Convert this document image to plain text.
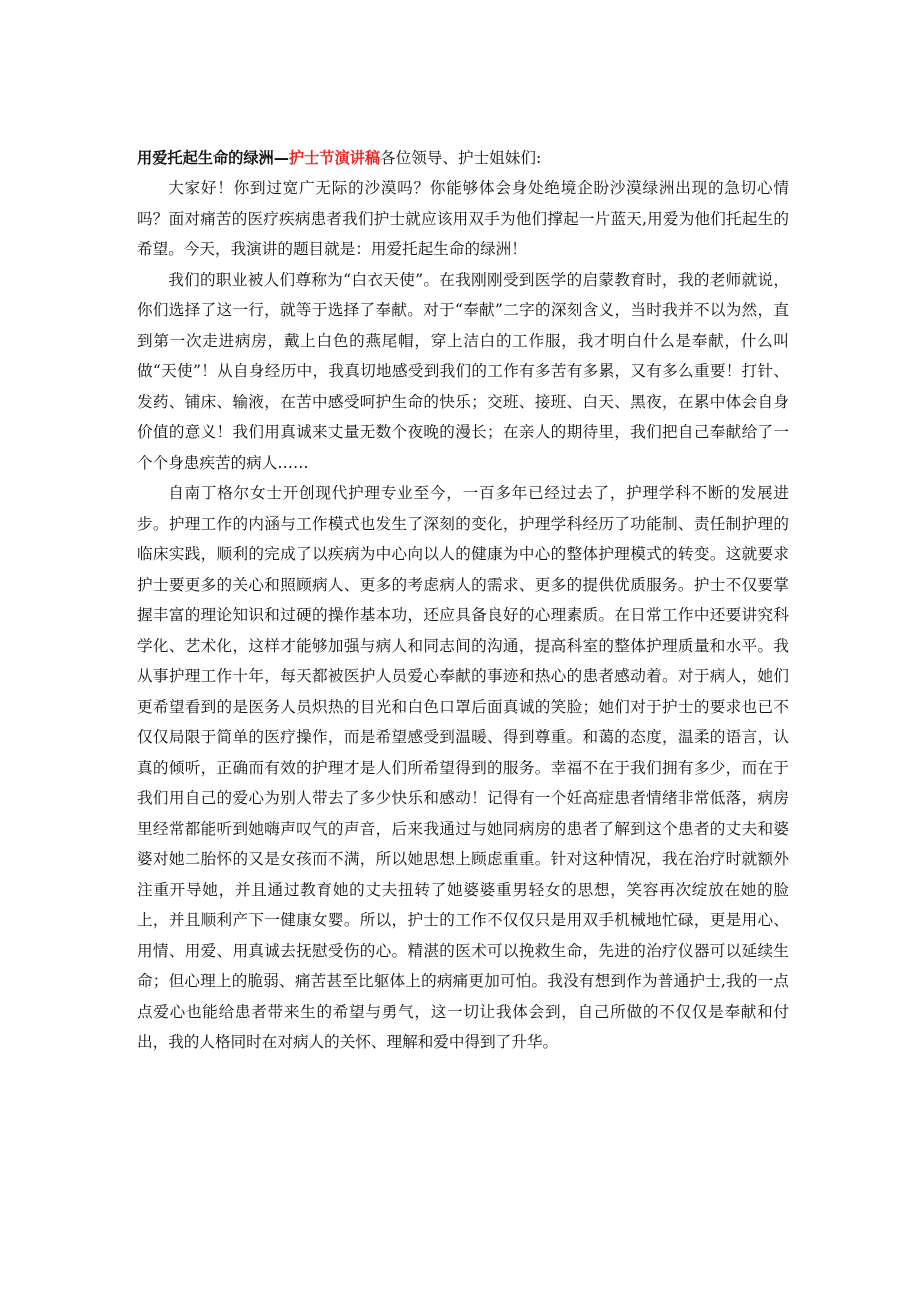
用爱托起生命的绿洲—护士节演讲稿各位领导、护士姐妹们:

大家好！你到过宽广无际的沙漠吗？你能够体会身处绝境企盼沙漠绿洲出现的急切心情吗？面对痛苦的医疗疾病患者我们护士就应该用双手为他们撑起一片蓝天,用爱为他们托起生的希望。今天，我演讲的题目就是：用爱托起生命的绿洲！

我们的职业被人们尊称为“白衣天使”。在我刚刚受到医学的启蒙教育时，我的老师就说，你们选择了这一行，就等于选择了奉献。对于“奉献”二字的深刻含义，当时我并不以为然，直到第一次走进病房，戴上白色的燕尾帽，穿上洁白的工作服，我才明白什么是奉献，什么叫做“天使”！从自身经历中，我真切地感受到我们的工作有多苦有多累，又有多么重要！打针、发药、铺床、输液，在苦中感受呵护生命的快乐；交班、接班、白天、黑夜，在累中体会自身价值的意义！我们用真诚来丈量无数个夜晚的漫长；在亲人的期待里，我们把自己奉献给了一个个身患疾苦的病人……

自南丁格尔女士开创现代护理专业至今，一百多年已经过去了，护理学科不断的发展进步。护理工作的内涵与工作模式也发生了深刻的变化，护理学科经历了功能制、责任制护理的临床实践，顺利的完成了以疾病为中心向以人的健康为中心的整体护理模式的转变。这就要求护士要更多的关心和照顾病人、更多的考虑病人的需求、更多的提供优质服务。护士不仅要掌握丰富的理论知识和过硬的操作基本功，还应具备良好的心理素质。在日常工作中还要讲究科学化、艺术化，这样才能够加强与病人和同志间的沟通，提高科室的整体护理质量和水平。我从事护理工作十年，每天都被医护人员爱心奉献的事迹和热心的患者感动着。对于病人，她们更希望看到的是医务人员炽热的目光和白色口罩后面真诚的笑脸；她们对于护士的要求也已不仅仅局限于简单的医疗操作，而是希望感受到温暖、得到尊重。和蔼的态度，温柔的语言，认真的倾听，正确而有效的护理才是人们所希望得到的服务。幸福不在于我们拥有多少，而在于我们用自己的爱心为别人带去了多少快乐和感动！记得有一个妊高症患者情绪非常低落，病房里经常都能听到她嗨声叹气的声音，后来我通过与她同病房的患者了解到这个患者的丈夫和婆婆对她二胎怀的又是女孩而不满，所以她思想上顾虑重重。针对这种情况，我在治疗时就额外注重开导她，并且通过教育她的丈夫扭转了她婆婆重男轻女的思想，笑容再次绽放在她的脸上，并且顺利产下一健康女婴。所以，护士的工作不仅仅只是用双手机械地忙碌，更是用心、用情、用爱、用真诚去抚慰受伤的心。精湛的医术可以挽救生命，先进的治疗仪器可以延续生命；但心理上的脆弱、痛苦甚至比躯体上的病痛更加可怕。我没有想到作为普通护士,我的一点点爱心也能给患者带来生的希望与勇气，这一切让我体会到，自己所做的不仅仅是奉献和付出，我的人格同时在对病人的关怀、理解和爱中得到了升华。
